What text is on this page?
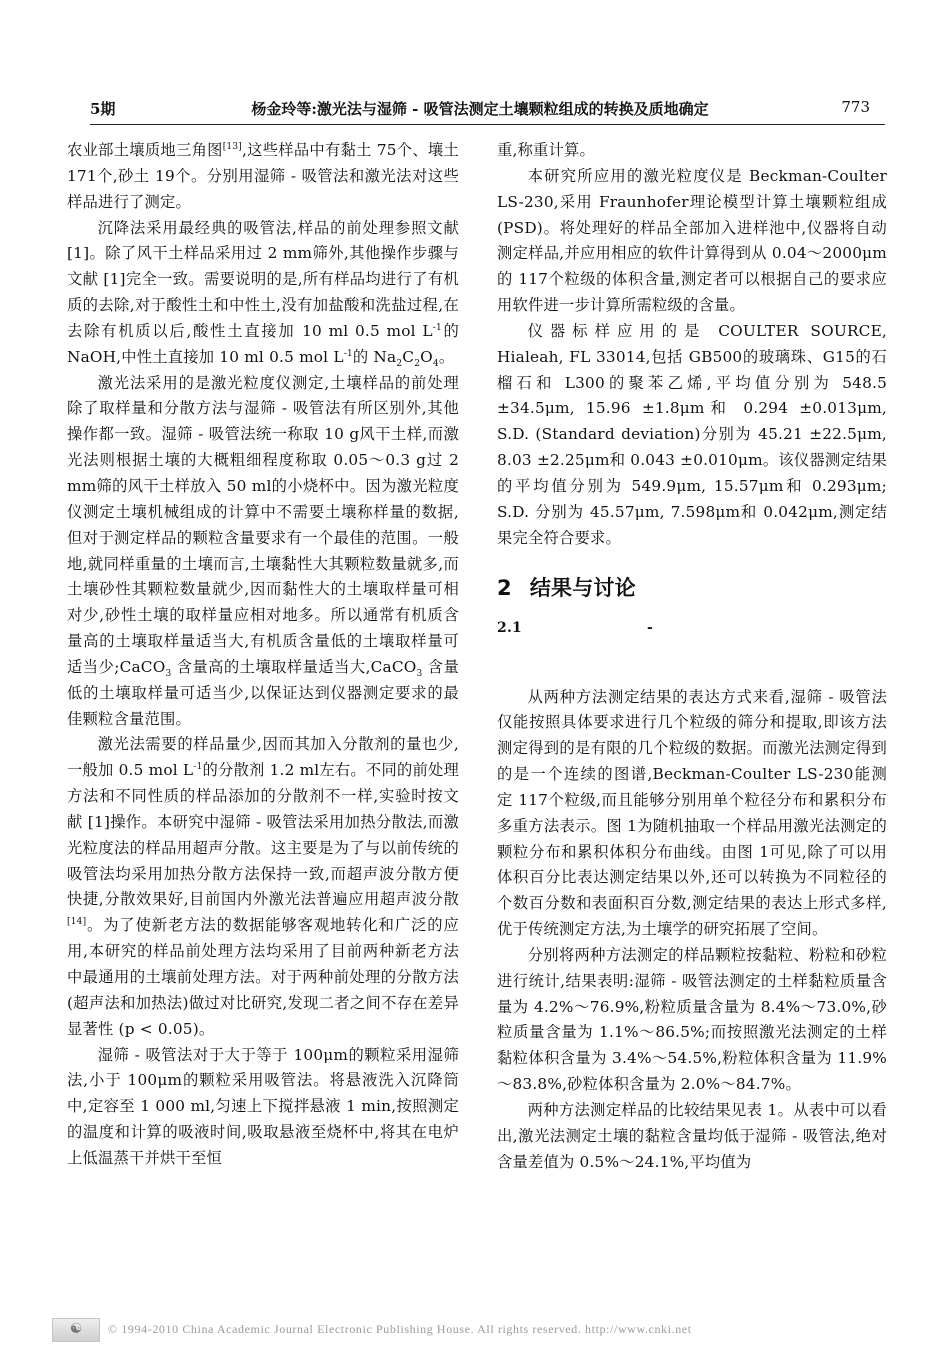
5期	杨金玲等:激光法与湿筛 - 吸管法测定土壤颗粒组成的转换及质地确定	773

农业部土壤质地三角图[13],这些样品中有黏土 75个、壤土 171个,砂土 19个。分别用湿筛 - 吸管法和激光法对这些样品进行了测定。

沉降法采用最经典的吸管法,样品的前处理参照文献 [1]。除了风干土样品采用过 2 mm筛外,其他操作步骤与文献 [1]完全一致。需要说明的是,所有样品均进行了有机质的去除,对于酸性土和中性土,没有加盐酸和洗盐过程,在去除有机质以后,酸性土直接加 10 ml 0.5 mol $L^{-1}$的 NaOH,中性土直接加 10 ml 0.5 mol $L^{-1}$的 $Na_2C_2O_4$。

激光法采用的是激光粒度仪测定,土壤样品的前处理除了取样量和分散方法与湿筛 - 吸管法有所区别外,其他操作都一致。湿筛 - 吸管法统一称取 10 g风干土样,而激光法则根据土壤的大概粗细程度称取 0.05～0.3 g过 2 mm筛的风干土样放入 50 ml的小烧杯中。因为激光粒度仪测定土壤机械组成的计算中不需要土壤称样量的数据,但对于测定样品的颗粒含量要求有一个最佳的范围。一般地,就同样重量的土壤而言,土壤黏性大其颗粒数量就多,而土壤砂性其颗粒数量就少,因而黏性大的土壤取样量可相对少,砂性土壤的取样量应相对地多。所以通常有机质含量高的土壤取样量适当大,有机质含量低的土壤取样量可适当少;CaCO$_3$ 含量高的土壤取样量适当大,CaCO$_3$ 含量低的土壤取样量可适当少,以保证达到仪器测定要求的最佳颗粒含量范围。

激光法需要的样品量少,因而其加入分散剂的量也少,一般加 0.5 mol $L^{-1}$的分散剂 1.2 ml左右。不同的前处理方法和不同性质的样品添加的分散剂不一样,实验时按文献 [1]操作。本研究中湿筛 - 吸管法采用加热分散法,而激光粒度法的样品用超声分散。这主要是为了与以前传统的吸管法均采用加热分散方法保持一致,而超声波分散方便快捷,分散效果好,目前国内外激光法普遍应用超声波分散[14]。为了使新老方法的数据能够客观地转化和广泛的应用,本研究的样品前处理方法均采用了目前两种新老方法中最通用的土壤前处理方法。对于两种前处理的分散方法 (超声法和加热法)做过对比研究,发现二者之间不存在差异显著性 (p < 0.05)。

湿筛 - 吸管法对于大于等于 100μm的颗粒采用湿筛法,小于 100μm的颗粒采用吸管法。将悬液洗入沉降筒中,定容至 1 000 ml,匀速上下搅拌悬液 1 min,按照测定的温度和计算的吸液时间,吸取悬液至烧杯中,将其在电炉上低温蒸干并烘干至恒

重,称重计算。

本研究所应用的激光粒度仪是 Beckman-Coulter LS-230,采用 Fraunhofer理论模型计算土壤颗粒组成 (PSD)。将处理好的样品全部加入进样池中,仪器将自动测定样品,并应用相应的软件计算得到从 0.04～2000μm的 117个粒级的体积含量,测定者可以根据自己的要求应用软件进一步计算所需粒级的含量。

仪器标样应用的是 COULTER SOURCE, Hialeah, FL 33014,包括 GB500的玻璃珠、G15的石榴石和 L300的聚苯乙烯,平均值分别为 548.5 ±34.5μm, 15.96 ±1.8μm和 0.294 ±0.013μm, S.D. (Standard deviation)分别为 45.21 ±22.5μm, 8.03 ±2.25μm和 0.043 ±0.010μm。该仪器测定结果的平均值分别为 549.9μm, 15.57μm和 0.293μm; S.D. 分别为 45.57μm, 7.598μm和 0.042μm,测定结果完全符合要求。

2 结果与讨论

2.1	-

从两种方法测定结果的表达方式来看,湿筛 - 吸管法仅能按照具体要求进行几个粒级的筛分和提取,即该方法测定得到的是有限的几个粒级的数据。而激光法测定得到的是一个连续的图谱,Beckman-Coulter LS-230能测定 117个粒级,而且能够分别用单个粒径分布和累积分布多重方法表示。图 1为随机抽取一个样品用激光法测定的颗粒分布和累积体积分布曲线。由图 1可见,除了可以用体积百分比表达测定结果以外,还可以转换为不同粒径的个数百分数和表面积百分数,测定结果的表达上形式多样,优于传统测定方法,为土壤学的研究拓展了空间。

分别将两种方法测定的样品颗粒按黏粒、粉粒和砂粒进行统计,结果表明:湿筛 - 吸管法测定的土样黏粒质量含量为 4.2%～76.9%,粉粒质量含量为 8.4%～73.0%,砂粒质量含量为 1.1%～86.5%;而按照激光法测定的土样黏粒体积含量为 3.4%～54.5%,粉粒体积含量为 11.9%～83.8%,砂粒体积含量为 2.0%～84.7%。

两种方法测定样品的比较结果见表 1。从表中可以看出,激光法测定土壤的黏粒含量均低于湿筛 - 吸管法,绝对含量差值为 0.5%～24.1%,平均值为

☯	© 1994-2010 China Academic Journal Electronic Publishing House. All rights reserved. http://www.cnki.net
